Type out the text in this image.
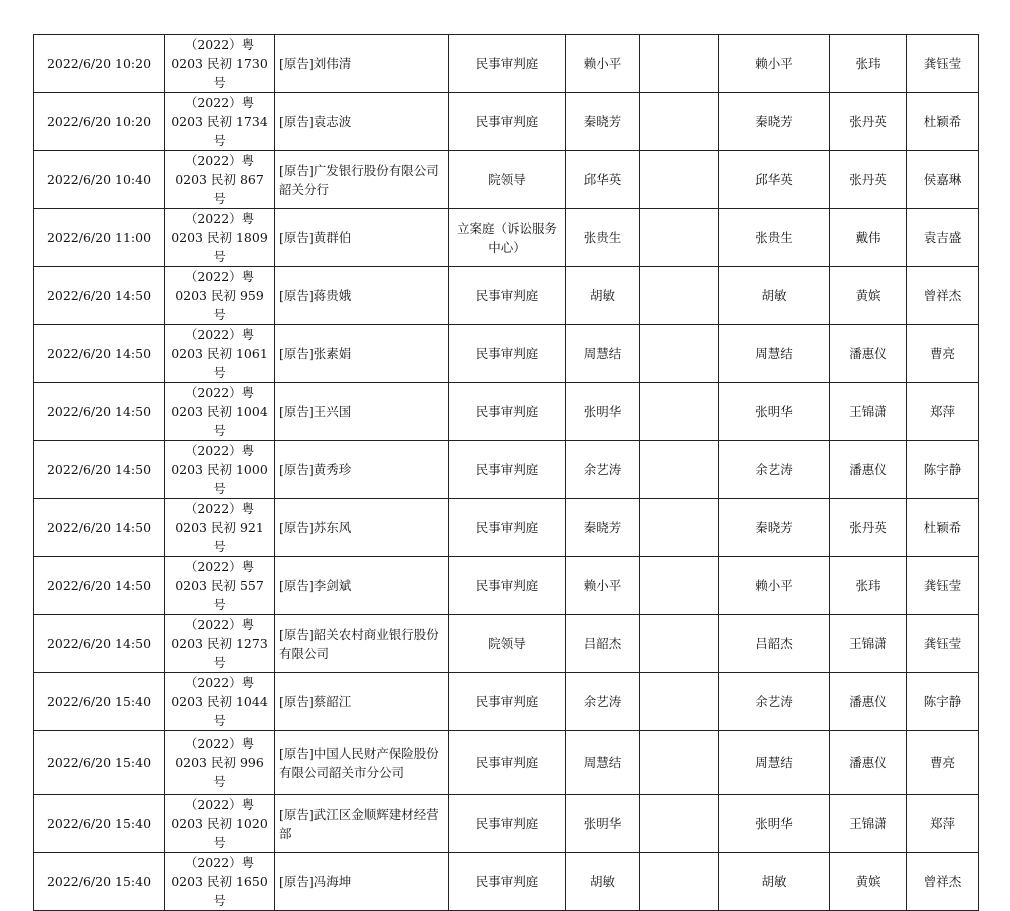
2022/6/20 10:20	（2022）粤 0203 民初 1730 号	[原告]刘伟清	民事审判庭	赖小平		赖小平	张玮	龚钰莹
2022/6/20 10:20	（2022）粤 0203 民初 1734 号	[原告]袁志波	民事审判庭	秦晓芳		秦晓芳	张丹英	杜颖希
2022/6/20 10:40	（2022）粤 0203 民初 867 号	[原告]广发银行股份有限公司韶关分行	院领导	邱华英		邱华英	张丹英	侯嘉琳
2022/6/20 11:00	（2022）粤 0203 民初 1809 号	[原告]黄群伯	立案庭（诉讼服务中心）	张贵生		张贵生	戴伟	袁吉盛
2022/6/20 14:50	（2022）粤 0203 民初 959 号	[原告]蒋贵娥	民事审判庭	胡敏		胡敏	黄嫔	曾祥杰
2022/6/20 14:50	（2022）粤 0203 民初 1061 号	[原告]张素娟	民事审判庭	周慧结		周慧结	潘惠仪	曹亮
2022/6/20 14:50	（2022）粤 0203 民初 1004 号	[原告]王兴国	民事审判庭	张明华		张明华	王锦潇	郑萍
2022/6/20 14:50	（2022）粤 0203 民初 1000 号	[原告]黄秀珍	民事审判庭	余艺涛		余艺涛	潘惠仪	陈宇静
2022/6/20 14:50	（2022）粤 0203 民初 921 号	[原告]苏东风	民事审判庭	秦晓芳		秦晓芳	张丹英	杜颖希
2022/6/20 14:50	（2022）粤 0203 民初 557 号	[原告]李剑斌	民事审判庭	赖小平		赖小平	张玮	龚钰莹
2022/6/20 14:50	（2022）粤 0203 民初 1273 号	[原告]韶关农村商业银行股份有限公司	院领导	吕韶杰		吕韶杰	王锦潇	龚钰莹
2022/6/20 15:40	（2022）粤 0203 民初 1044 号	[原告]蔡韶江	民事审判庭	余艺涛		余艺涛	潘惠仪	陈宇静
2022/6/20 15:40	（2022）粤 0203 民初 996 号	[原告]中国人民财产保险股份有限公司韶关市分公司	民事审判庭	周慧结		周慧结	潘惠仪	曹亮
2022/6/20 15:40	（2022）粤 0203 民初 1020 号	[原告]武江区金顺辉建材经营部	民事审判庭	张明华		张明华	王锦潇	郑萍
2022/6/20 15:40	（2022）粤 0203 民初 1650 号	[原告]冯海坤	民事审判庭	胡敏		胡敏	黄嫔	曾祥杰
